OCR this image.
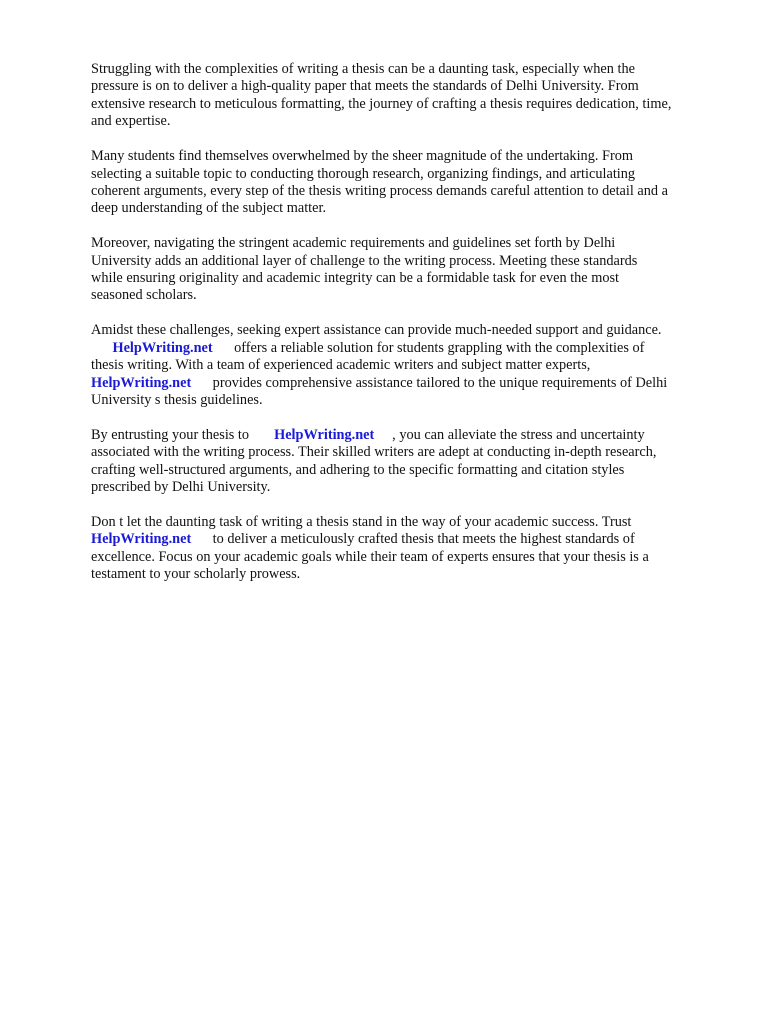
Struggling with the complexities of writing a thesis can be a daunting task, especially when the
pressure is on to deliver a high-quality paper that meets the standards of Delhi University. From
extensive research to meticulous formatting, the journey of crafting a thesis requires dedication, time,
and expertise.

Many students find themselves overwhelmed by the sheer magnitude of the undertaking. From
selecting a suitable topic to conducting thorough research, organizing findings, and articulating
coherent arguments, every step of the thesis writing process demands careful attention to detail and a
deep understanding of the subject matter.

Moreover, navigating the stringent academic requirements and guidelines set forth by Delhi
University adds an additional layer of challenge to the writing process. Meeting these standards
while ensuring originality and academic integrity can be a formidable task for even the most
seasoned scholars.

Amidst these challenges, seeking expert assistance can provide much-needed support and guidance.
HelpWriting.net      offers a reliable solution for students grappling with the complexities of
thesis writing. With a team of experienced academic writers and subject matter experts,
HelpWriting.net      provides comprehensive assistance tailored to the unique requirements of Delhi
University s thesis guidelines.

By entrusting your thesis to       HelpWriting.net     , you can alleviate the stress and uncertainty
associated with the writing process. Their skilled writers are adept at conducting in-depth research,
crafting well-structured arguments, and adhering to the specific formatting and citation styles
prescribed by Delhi University.

Don t let the daunting task of writing a thesis stand in the way of your academic success. Trust
HelpWriting.net      to deliver a meticulously crafted thesis that meets the highest standards of
excellence. Focus on your academic goals while their team of experts ensures that your thesis is a
testament to your scholarly prowess.
